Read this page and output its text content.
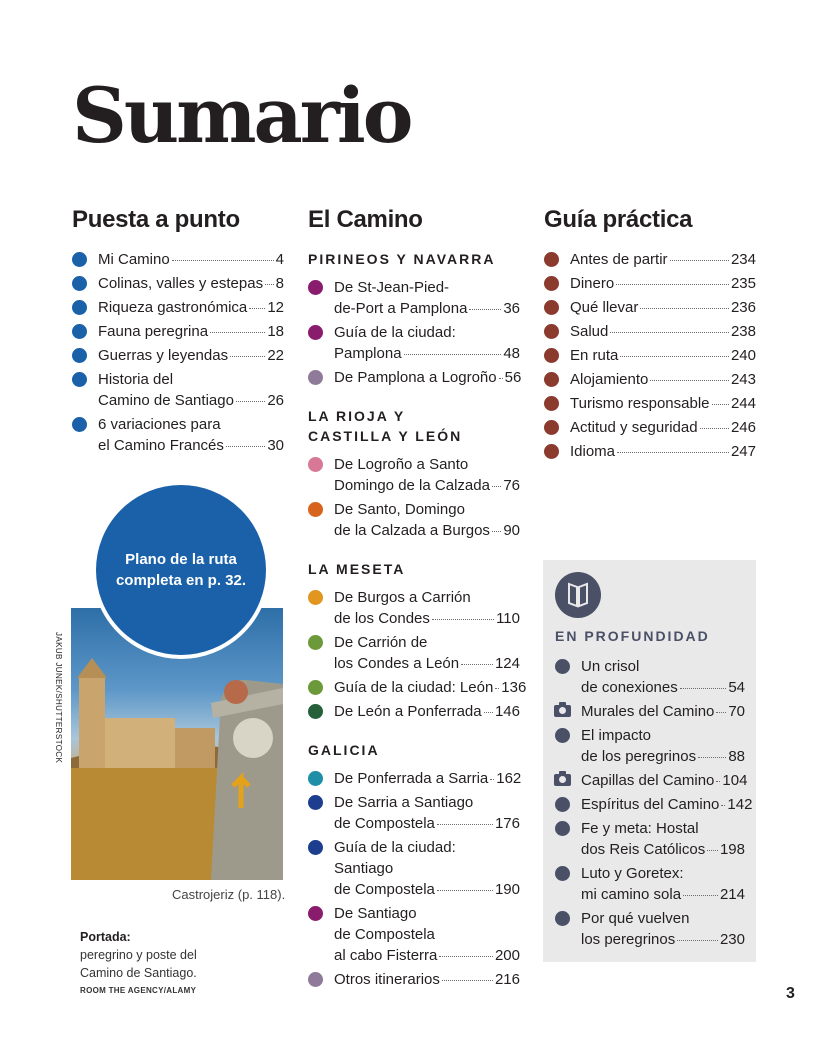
Sumario
Puesta a punto
Mi Camino	4
Colinas, valles y estepas 8
Riqueza gastronómica 12
Fauna peregrina	18
Guerras y leyendas	22
Historia del
Camino de Santiago 26
6 variaciones para
el Camino Francés	30
El Camino
PIRINEOS Y NAVARRA
De St-Jean-Pied-
de-Port a Pamplona 36
Guía de la ciudad:
Pamplona	48
De Pamplona a Logroño 56
LA RIOJA Y
CASTILLA Y LEÓN
De Logroño a Santo
Domingo de la Calzada 76
De Santo, Domingo
de la Calzada a Burgos 90
LA MESETA
De Burgos a Carrión
de los Condes	110
De Carrión de
los Condes a León 124
Guía de la ciudad: León 136
De León a Ponferrada 146
GALICIA
De Ponferrada a Sarria 162
De Sarria a Santiago
de Compostela	176
Guía de la ciudad:
Santiago
de Compostela	190
De Santiago
de Compostela
al cabo Fisterra	200
Otros itinerarios	216
Guía práctica
Antes de partir	234
Dinero	235
Qué llevar	236
Salud	238
En ruta	240
Alojamiento	243
Turismo responsable 244
Actitud y seguridad 246
Idioma	247
JAKUB JUNEK/SHUTTERSTOCK
Plano de la ruta completa en p. 32.
Castrojeriz (p. 118).
Portada:
peregrino y poste del
Camino de Santiago.
ROOM THE AGENCY/ALAMY
EN PROFUNDIDAD
Un crisol
de conexiones	54
Murales del Camino 70
El impacto
de los peregrinos 88
Capillas del Camino 104
Espíritus del Camino 142
Fe y meta: Hostal
dos Reis Católicos 198
Luto y Goretex:
mi camino sola	214
Por qué vuelven
los peregrinos	230
3
